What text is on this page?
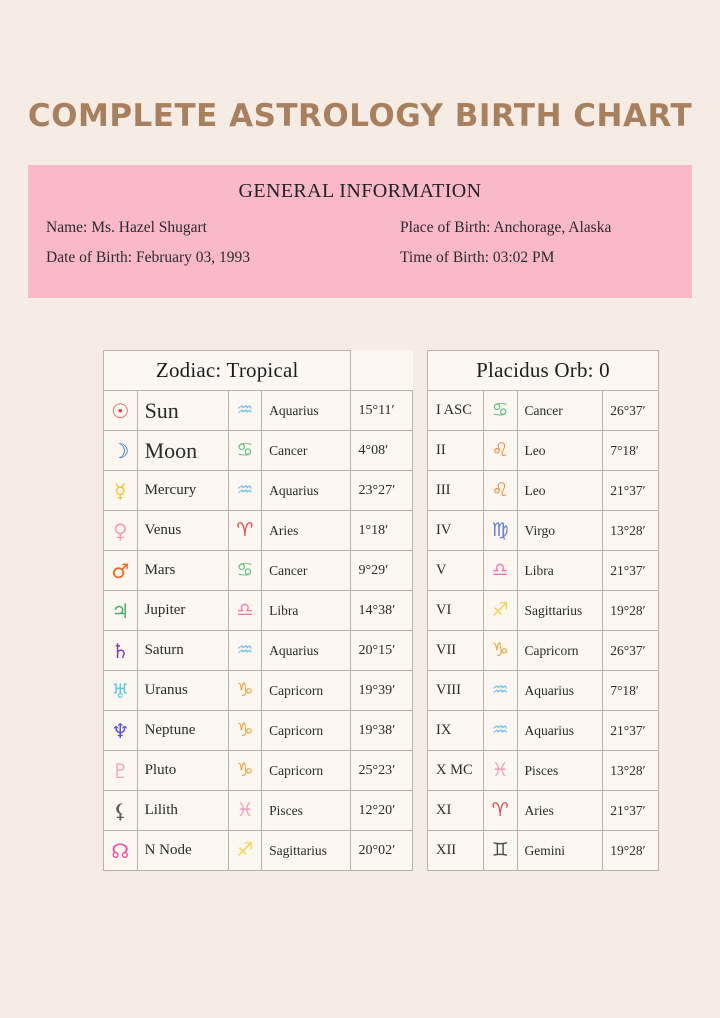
COMPLETE ASTROLOGY BIRTH CHART
GENERAL INFORMATION
Name: Ms. Hazel Shugart	Place of Birth: Anchorage, Alaska
Date of Birth: February 03, 1993	Time of Birth: 03:02 PM
Zodiac: Tropical				
☉	Sun	♒	Aquarius	15°11′
☽	Moon	♋	Cancer	4°08′
☿	Mercury	♒	Aquarius	23°27′
♀	Venus	♈	Aries	1°18′
♂	Mars	♋	Cancer	9°29′
♃	Jupiter	♎	Libra	14°38′
♄	Saturn	♒	Aquarius	20°15′
♅	Uranus	♑	Capricorn	19°39′
♆	Neptune	♑	Capricorn	19°38′
♇	Pluto	♑	Capricorn	25°23′
⚸	Lilith	♓	Pisces	12°20′
☊	N Node	♐	Sagittarius	20°02′
Placidus Orb: 0			
I ASC	♋	Cancer	26°37′
II	♌	Leo	7°18′
III	♌	Leo	21°37′
IV	♍	Virgo	13°28′
V	♎	Libra	21°37′
VI	♐	Sagittarius	19°28′
VII	♑	Capricorn	26°37′
VIII	♒	Aquarius	7°18′
IX	♒	Aquarius	21°37′
X MC	♓	Pisces	13°28′
XI	♈	Aries	21°37′
XII	♊	Gemini	19°28′
